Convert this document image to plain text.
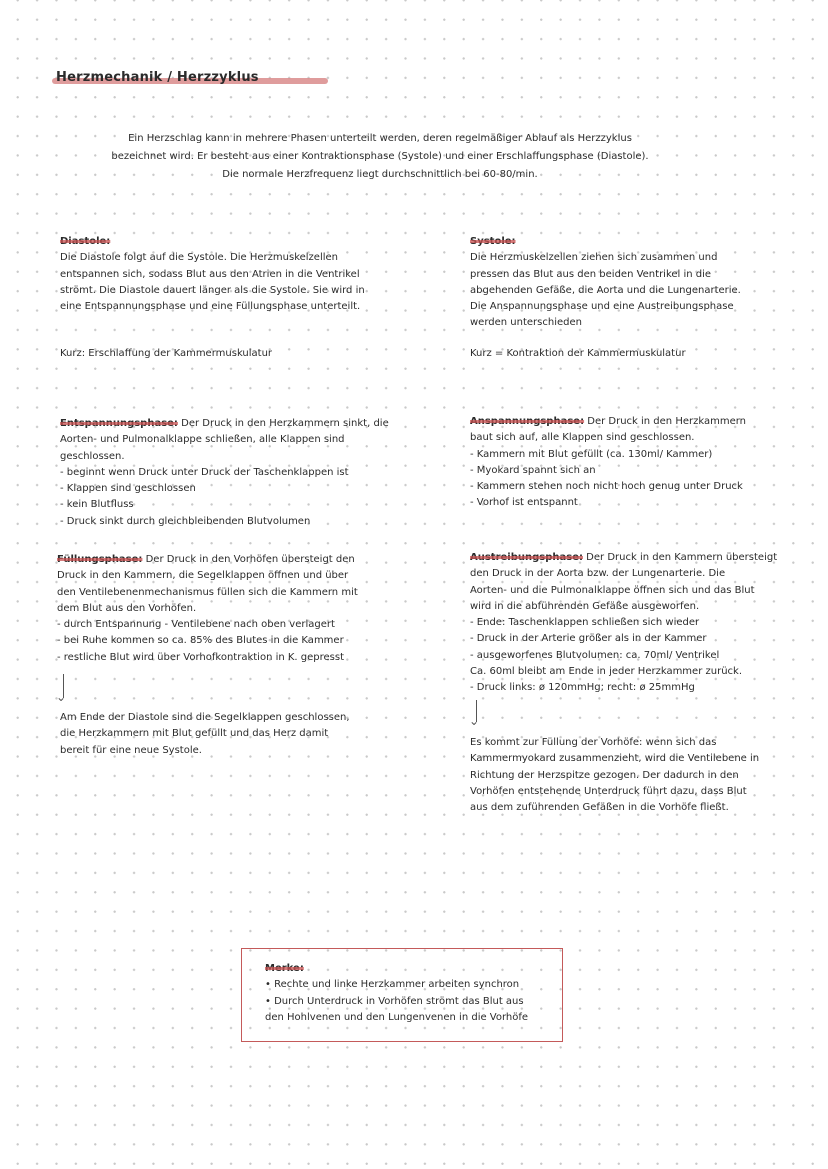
Herzmechanik / Herzzyklus

Ein Herzschlag kann in mehrere Phasen unterteilt werden, deren regelmäßiger Ablauf als Herzzyklus

bezeichnet wird. Er besteht aus einer Kontraktionsphase (Systole) und einer Erschlaffungsphase (Diastole).

Die normale Herzfrequenz liegt durchschnittlich bei 60-80/min.

Diastole:

Die Diastole folgt auf die Systole. Die Herzmuskelzellen

entspannen sich, sodass Blut aus den Atrien in die Ventrikel

strömt. Die Diastole dauert länger als die Systole. Sie wird in

eine Entspannungsphase und eine Füllungsphase unterteilt.

Kurz: Erschlaffung der Kammermuskulatur

Systole:

Die Herzmuskelzellen ziehen sich zusammen und

pressen das Blut aus den beiden Ventrikel in die

abgehenden Gefäße, die Aorta und die Lungenarterie.

Die Anspannungsphase und eine Austreibungsphase

werden unterschieden

Kurz = Kontraktion der Kammermuskulatur

Entspannungsphase: Der Druck in den Herzkammern sinkt, die

Aorten- und Pulmonalklappe schließen, alle Klappen sind

geschlossen.

- beginnt wenn Druck unter Druck der Taschenklappen ist

- Klappen sind geschlossen

- kein Blutfluss

- Druck sinkt durch gleichbleibenden Blutvolumen

Anspannungsphase: Der Druck in den Herzkammern

baut sich auf, alle Klappen sind geschlossen.

- Kammern mit Blut gefüllt (ca. 130ml/ Kammer)

- Myokard spannt sich an

- Kammern stehen noch nicht hoch genug unter Druck

- Vorhof ist entspannt

Füllungsphase: Der Druck in den Vorhöfen übersteigt den

Druck in den Kammern, die Segelklappen öffnen und über

den Ventilebenenmechanismus füllen sich die Kammern mit

dem Blut aus den Vorhöfen.

- durch Entspannung - Ventilebene nach oben verlagert

- bei Ruhe kommen so ca. 85% des Blutes in die Kammer

- restliche Blut wird über Vorhofkontraktion in K. gepresst

⌄

Am Ende der Diastole sind die Segelklappen geschlossen,

die Herzkammern mit Blut gefüllt und das Herz damit

bereit für eine neue Systole.

Austreibungsphase: Der Druck in den Kammern übersteigt

den Druck in der Aorta bzw. der Lungenarterie. Die

Aorten- und die Pulmonalklappe öffnen sich und das Blut

wird in die abführenden Gefäße ausgeworfen.

- Ende: Taschenklappen schließen sich wieder

- Druck in der Arterie größer als in der Kammer

- ausgeworfenes Blutvolumen: ca. 70ml/ Ventrikel

Ca. 60ml bleibt am Ende in jeder Herzkammer zurück.

- Druck links: ø 120mmHg; recht: ø 25mmHg

⌄

Es kommt zur Füllung der Vorhöfe: wenn sich das

Kammermyokard zusammenzieht, wird die Ventilebene in

Richtung der Herzspitze gezogen. Der dadurch in den

Vorhöfen entstehende Unterdruck führt dazu, dass Blut

aus dem zuführenden Gefäßen in die Vorhöfe fließt.

Merke:

• Rechte und linke Herzkammer arbeiten synchron

• Durch Unterdruck in Vorhöfen strömt das Blut aus

den Hohlvenen und den Lungenvenen in die Vorhöfe
